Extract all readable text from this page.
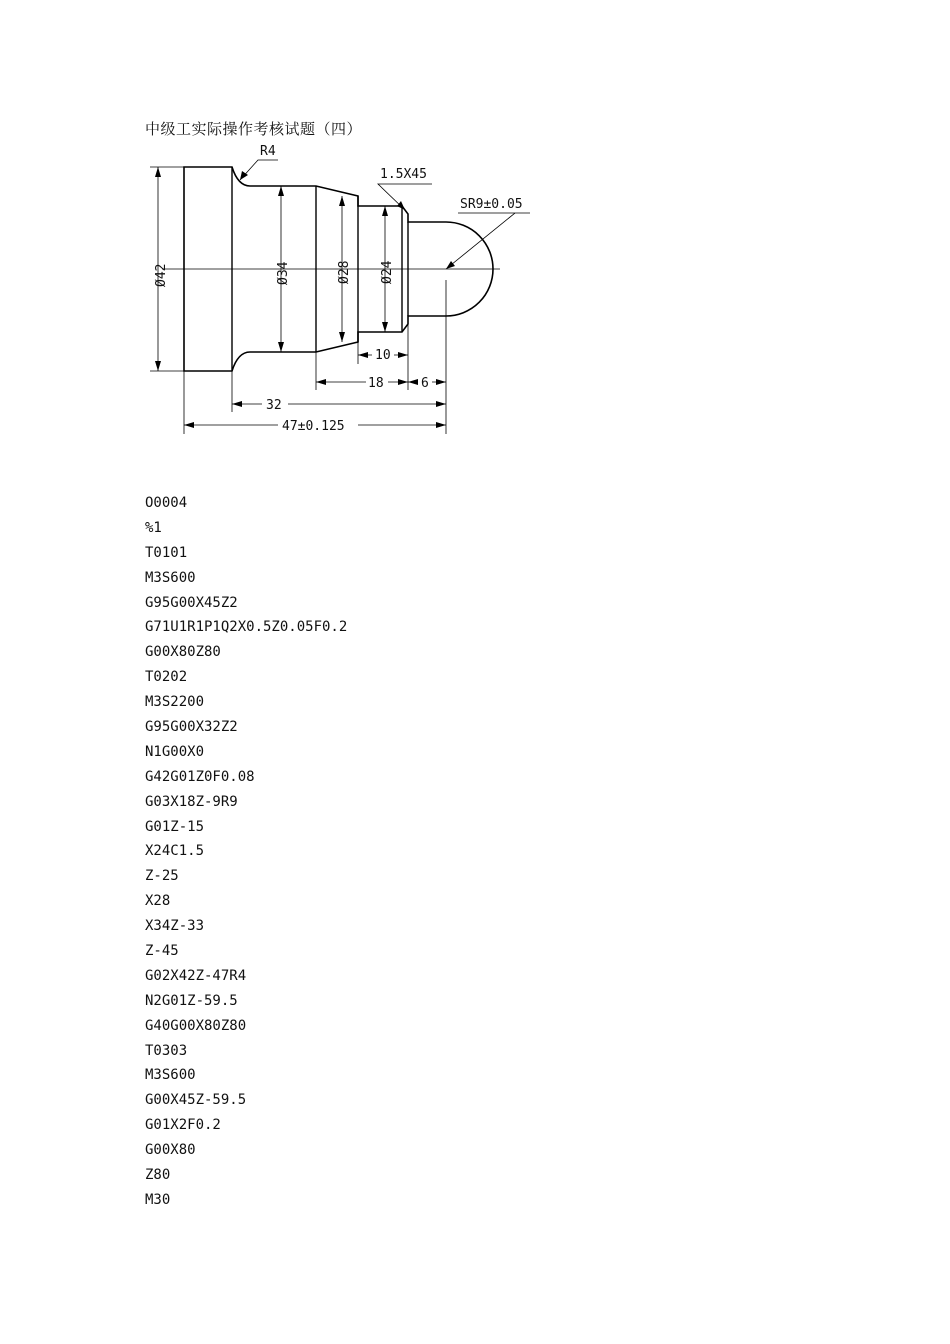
中级工实际操作考核试题（四）
R4
1.5X45
SR9±0.05
Ø42	Ø34	Ø28 Ø24
10
18	6
32
47±0.125
O0004
%1
T0101
M3S600
G95G00X45Z2
G71U1R1P1Q2X0.5Z0.05F0.2
G00X80Z80
T0202
M3S2200
G95G00X32Z2
N1G00X0
G42G01Z0F0.08
G03X18Z-9R9
G01Z-15
X24C1.5
Z-25
X28
X34Z-33
Z-45
G02X42Z-47R4
N2G01Z-59.5
G40G00X80Z80
T0303
M3S600
G00X45Z-59.5
G01X2F0.2
G00X80
Z80
M30
